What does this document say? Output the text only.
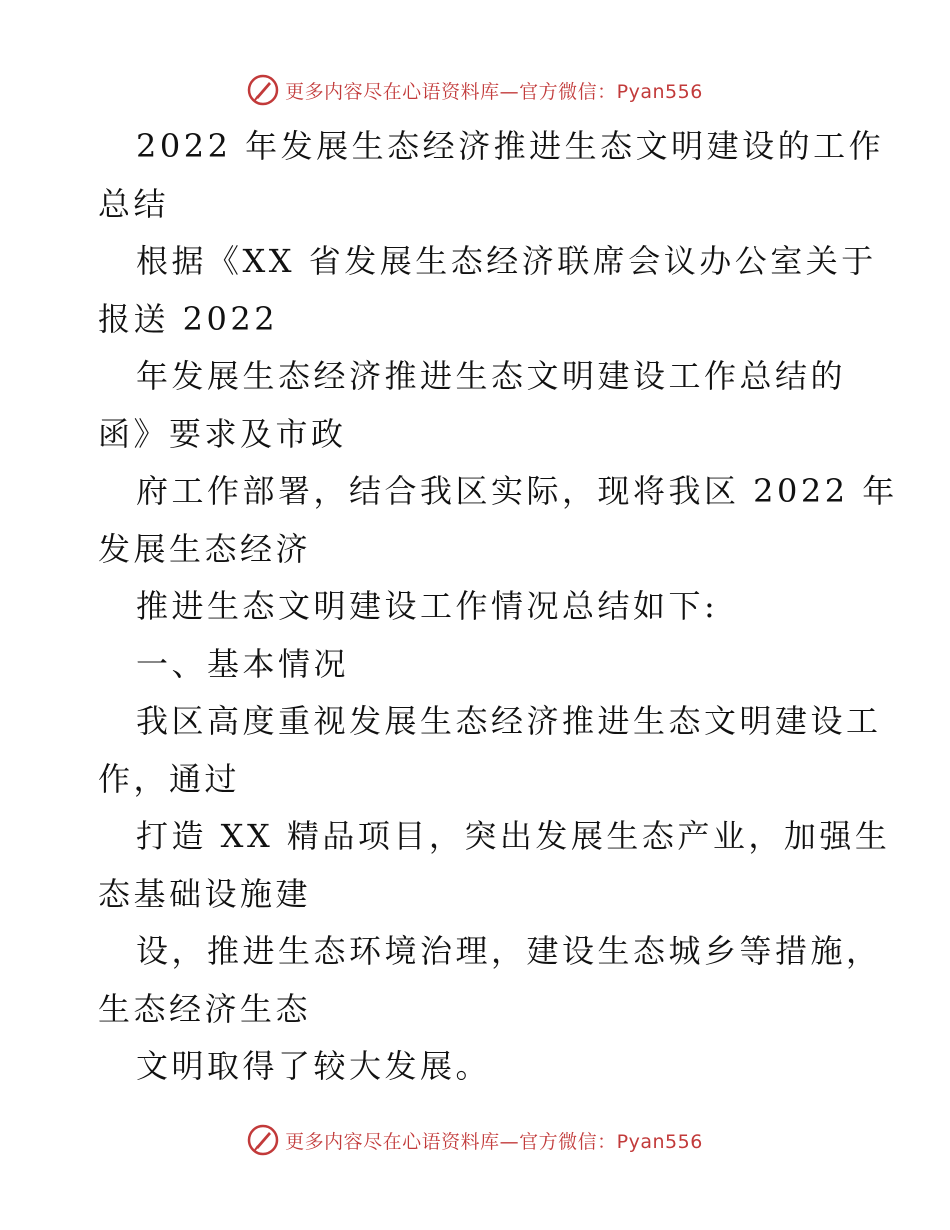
更多内容尽在心语资料库—官方微信：Pyan556

2022 年发展生态经济推进生态文明建设的工作

总结

根据《XX 省发展生态经济联席会议办公室关于

报送 2022

年发展生态经济推进生态文明建设工作总结的

函》要求及市政

府工作部署，结合我区实际，现将我区 2022 年

发展生态经济

推进生态文明建设工作情况总结如下:

一、基本情况

我区高度重视发展生态经济推进生态文明建设工

作，通过

打造 XX 精品项目，突出发展生态产业，加强生

态基础设施建

设，推进生态环境治理，建设生态城乡等措施，

生态经济生态

文明取得了较大发展。

更多内容尽在心语资料库—官方微信：Pyan556
